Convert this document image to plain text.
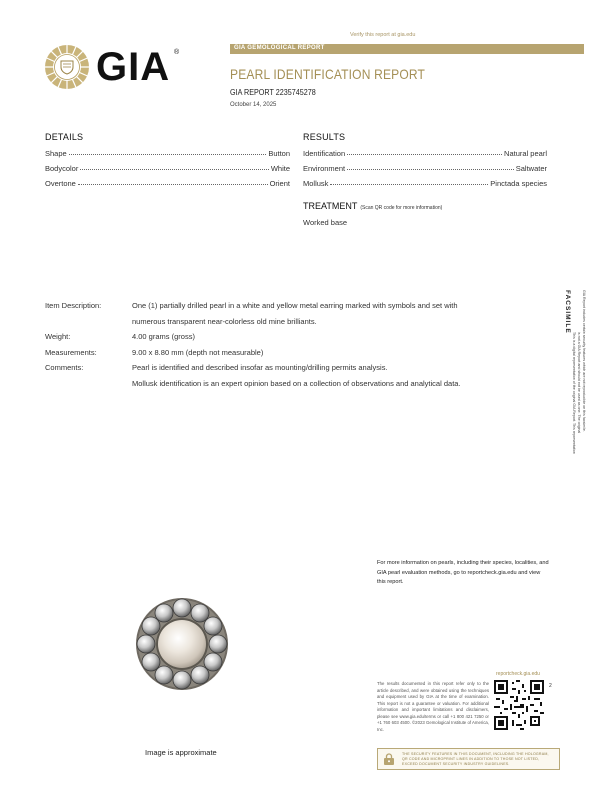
Verify this report at gia.edu
GIA ®
GIA GEMOLOGICAL REPORT
PEARL IDENTIFICATION REPORT
GIA REPORT 2235745278
October 14, 2025
DETAILS
Shape	Button
Bodycolor	White
Overtone	Orient
RESULTS
Identification	Natural pearl
Environment	Saltwater
Mollusk	Pinctada species
TREATMENT (Scan QR code for more information)
Worked base
Item Description:	One (1) partially drilled pearl in a white and yellow metal earring marked with symbols and set with
numerous transparent near-colorless old mine brilliants.
Weight:	4.00 grams (gross)
Measurements:	9.00 x 8.80 mm (depth not measurable)
Comments:	Pearl is identified and described insofar as mounting/drilling permits analysis.
Mollusk identification is an expert opinion based on a collection of observations and analytical data.
FACSIMILE
This is a digital representation of the original GIA Report. This representation is not a GIA Report and should not be used as one. The original GIA Report includes certain security features which are not reproducible on this facsimile.
For more information on pearls, including their species, localities, and GIA pearl evaluation methods, go to reportcheck.gia.edu and view this report.
Image is approximate
The results documented in this report refer only to the article described, and were obtained using the techniques and equipment used by GIA at the time of examination. This report is not a guarantee or valuation. For additional information and important limitations and disclaimers, please see www.gia.edu/terms or call +1 800 421 7250 or +1 760 603 4500. ©2023 Gemological Institute of America, Inc.
reportcheck.gia.edu
2
THE SECURITY FEATURES IN THIS DOCUMENT, INCLUDING THE HOLOGRAM, QR CODE AND MICROPRINT LINES IN ADDITION TO THOSE NOT LISTED, EXCEED DOCUMENT SECURITY INDUSTRY GUIDELINES.
